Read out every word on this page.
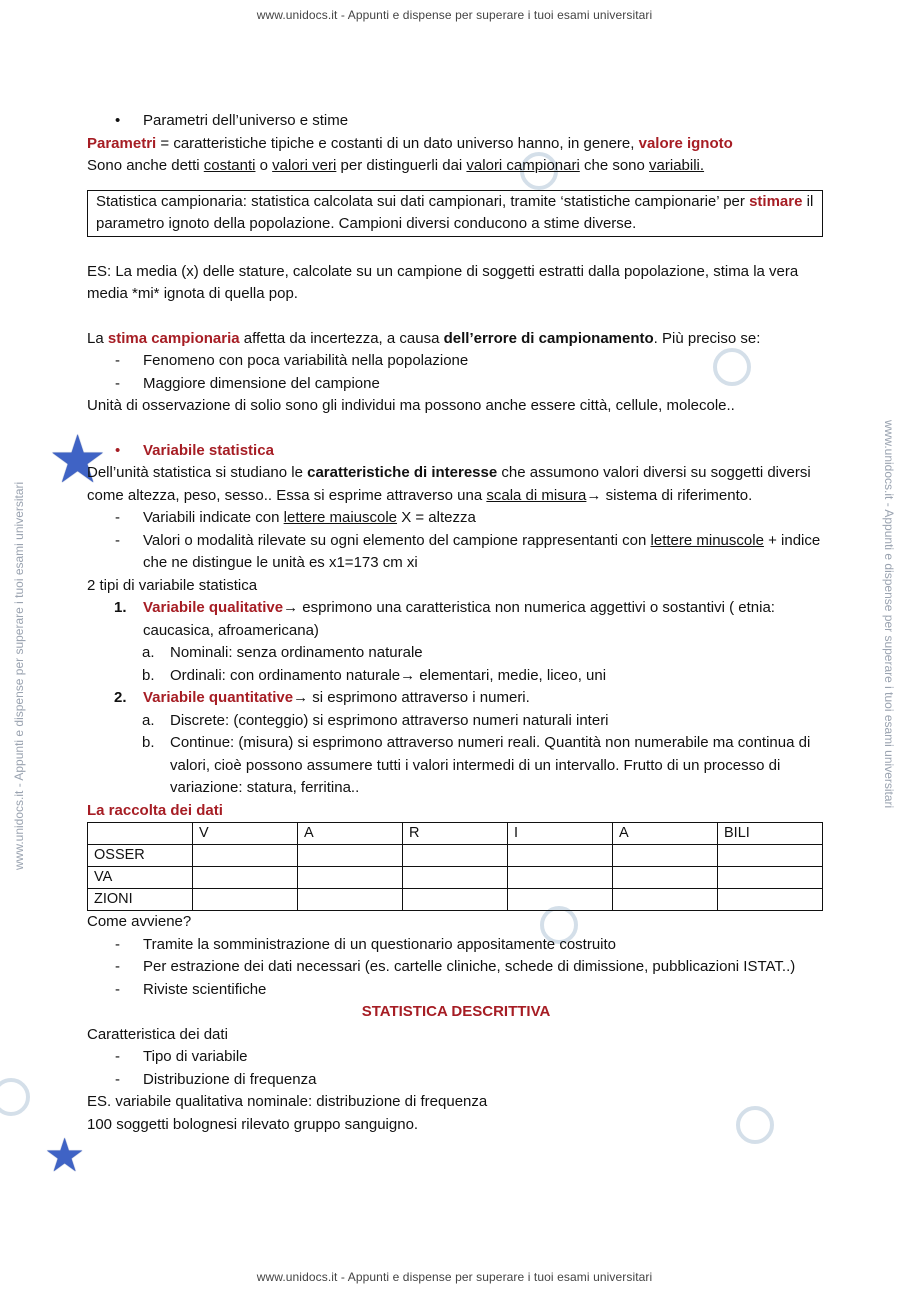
www.unidocs.it - Appunti e dispense per superare i tuoi esami universitari
www.unidocs.it - Appunti e dispense per superare i tuoi esami universitari
www.unidocs.it - Appunti e dispense per superare i tuoi esami universitari	www.unidocs.it - Appunti e dispense per superare i tuoi esami universitari
★
★

• Parametri dell’universo e stime

Parametri = caratteristiche tipiche e costanti di un dato universo hanno, in genere, valore ignoto

Sono anche detti costanti o valori veri per distinguerli dai valori campionari che sono variabili.

Statistica campionaria: statistica calcolata sui dati campionari, tramite ‘statistiche campionarie’ per stimare il parametro ignoto della popolazione. Campioni diversi conducono a stime diverse.

ES: La media (x) delle stature, calcolate su un campione di soggetti estratti dalla popolazione, stima la vera media *mi* ignota di quella pop.

La stima campionaria affetta da incertezza, a causa dell’errore di campionamento. Più preciso se:

- Fenomeno con poca variabilità nella popolazione

- Maggiore dimensione del campione

Unità di osservazione di solio sono gli individui ma possono anche essere città, cellule, molecole..

• Variabile statistica

Dell’unità statistica si studiano le caratteristiche di interesse che assumono valori diversi su soggetti diversi come altezza, peso, sesso.. Essa si esprime attraverso una scala di misura→ sistema di riferimento.

- Variabili indicate con lettere maiuscole X = altezza

- Valori o modalità rilevate su ogni elemento del campione rappresentanti con lettere minuscole + indice che ne distingue le unità es x1=173 cm xi

2 tipi di variabile statistica

1. Variabile qualitative→ esprimono una caratteristica non numerica aggettivi o sostantivi ( etnia: caucasica, afroamericana)

a. Nominali: senza ordinamento naturale

b. Ordinali: con ordinamento naturale→ elementari, medie, liceo, uni

2. Variabile quantitative→ si esprimono attraverso i numeri.

a. Discrete: (conteggio) si esprimono attraverso numeri naturali interi

b. Continue: (misura) si esprimono attraverso numeri reali. Quantità non numerabile ma continua di valori, cioè possono assumere tutti i valori intermedi di un intervallo. Frutto di un processo di variazione: statura, ferritina..

La raccolta dei dati

	V	A	R	I	A	BILI
OSSER						
VA						
ZIONI						

Come avviene?

- Tramite la somministrazione di un questionario appositamente costruito

- Per estrazione dei dati necessari (es. cartelle cliniche, schede di dimissione, pubblicazioni ISTAT..)

- Riviste scientifiche

STATISTICA DESCRITTIVA

Caratteristica dei dati

- Tipo di variabile

- Distribuzione di frequenza

ES. variabile qualitativa nominale: distribuzione di frequenza

100 soggetti bolognesi rilevato gruppo sanguigno.
